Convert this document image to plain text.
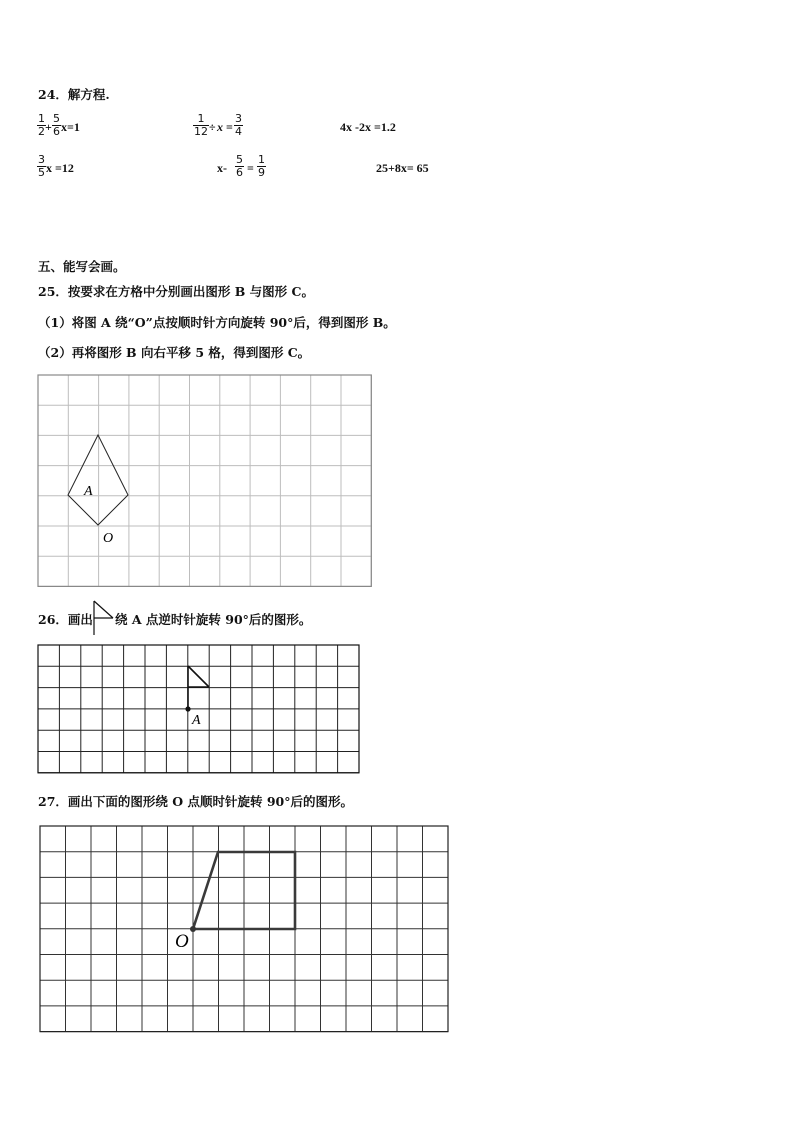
24．解方程.
1
2 +
5
6 x=1
1
12 ÷ x =
3
4	4x -2x =1.2
3
5 x =12	x-
5
6 =
1
9	25+8x= 65
五、能写会画。
25．按要求在方格中分别画出图形 B 与图形 C。
（1）将图 A 绕“O”点按顺时针方向旋转 90°后，得到图形 B。
（2）再将图形 B 向右平移 5 格，得到图形 C。
A
O
26．画出 绕 A 点逆时针旋转 90°后的图形。
A
27．画出下面的图形绕 O 点顺时针旋转 90°后的图形。
O
